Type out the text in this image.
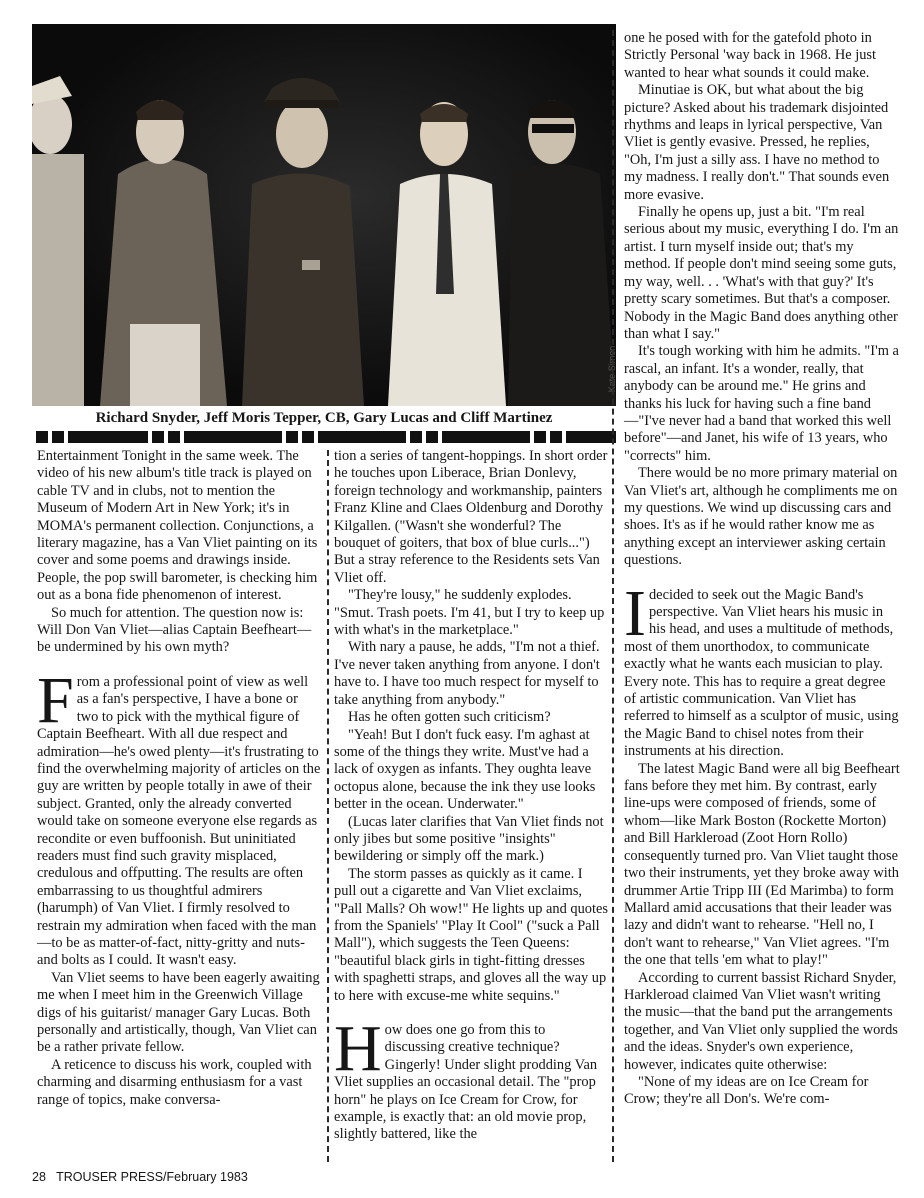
Kate Simon
Richard Snyder, Jeff Moris Tepper, CB, Gary Lucas and Cliff Martinez

Entertainment Tonight in the same week. The video of his new album's title track is played on cable TV and in clubs, not to mention the Museum of Modern Art in New York; it's in MOMA's permanent collection. Conjunctions, a literary magazine, has a Van Vliet painting on its cover and some poems and drawings inside. People, the pop swill barometer, is checking him out as a bona fide phenomenon of interest.

So much for attention. The question now is: Will Don Van Vliet—alias Captain Beefheart—be undermined by his own myth?

From a professional point of view as well as a fan's perspective, I have a bone or two to pick with the mythical figure of Captain Beefheart. With all due respect and admiration—he's owed plenty—it's frustrating to find the overwhelming majority of articles on the guy are written by people totally in awe of their subject. Granted, only the already converted would take on someone everyone else regards as recondite or even buffoonish. But uninitiated readers must find such gravity misplaced, credulous and offputting. The results are often embarrassing to us thoughtful admirers (harumph) of Van Vliet. I firmly resolved to restrain my admiration when faced with the man—to be as matter-of-fact, nitty-gritty and nuts-and bolts as I could. It wasn't easy.

Van Vliet seems to have been eagerly awaiting me when I meet him in the Greenwich Village digs of his guitarist/ manager Gary Lucas. Both personally and artistically, though, Van Vliet can be a rather private fellow.

A reticence to discuss his work, coupled with charming and disarming enthusiasm for a vast range of topics, make conversa-

tion a series of tangent-hoppings. In short order he touches upon Liberace, Brian Donlevy, foreign technology and workmanship, painters Franz Kline and Claes Oldenburg and Dorothy Kilgallen. ("Wasn't she wonderful? The bouquet of goiters, that box of blue curls...") But a stray reference to the Residents sets Van Vliet off.

"They're lousy," he suddenly explodes. "Smut. Trash poets. I'm 41, but I try to keep up with what's in the marketplace."

With nary a pause, he adds, "I'm not a thief. I've never taken anything from anyone. I don't have to. I have too much respect for myself to take anything from anybody."

Has he often gotten such criticism?

"Yeah! But I don't fuck easy. I'm aghast at some of the things they write. Must've had a lack of oxygen as infants. They oughta leave octopus alone, because the ink they use looks better in the ocean. Underwater."

(Lucas later clarifies that Van Vliet finds not only jibes but some positive "insights" bewildering or simply off the mark.)

The storm passes as quickly as it came. I pull out a cigarette and Van Vliet exclaims, "Pall Malls? Oh wow!" He lights up and quotes from the Spaniels' "Play It Cool" ("suck a Pall Mall"), which suggests the Teen Queens: "beautiful black girls in tight-fitting dresses with spaghetti straps, and gloves all the way up to here with excuse-me white sequins."

How does one go from this to discussing creative technique? Gingerly! Under slight prodding Van Vliet supplies an occasional detail. The "prop horn" he plays on Ice Cream for Crow, for example, is exactly that: an old movie prop, slightly battered, like the

one he posed with for the gatefold photo in Strictly Personal 'way back in 1968. He just wanted to hear what sounds it could make.

Minutiae is OK, but what about the big picture? Asked about his trademark disjointed rhythms and leaps in lyrical perspective, Van Vliet is gently evasive. Pressed, he replies, "Oh, I'm just a silly ass. I have no method to my madness. I really don't." That sounds even more evasive.

Finally he opens up, just a bit. "I'm real serious about my music, everything I do. I'm an artist. I turn myself inside out; that's my method. If people don't mind seeing some guts, my way, well. . . 'What's with that guy?' It's pretty scary sometimes. But that's a composer. Nobody in the Magic Band does anything other than what I say."

It's tough working with him he admits. "I'm a rascal, an infant. It's a wonder, really, that anybody can be around me." He grins and thanks his luck for having such a fine band—"I've never had a band that worked this well before"—and Janet, his wife of 13 years, who "corrects" him.

There would be no more primary material on Van Vliet's art, although he compliments me on my questions. We wind up discussing cars and shoes. It's as if he would rather know me as anything except an interviewer asking certain questions.

Idecided to seek out the Magic Band's perspective. Van Vliet hears his music in his head, and uses a multitude of methods, most of them unorthodox, to communicate exactly what he wants each musician to play. Every note. This has to require a great degree of artistic communication. Van Vliet has referred to himself as a sculptor of music, using the Magic Band to chisel notes from their instruments at his direction.

The latest Magic Band were all big Beefheart fans before they met him. By contrast, early line-ups were composed of friends, some of whom—like Mark Boston (Rockette Morton) and Bill Harkleroad (Zoot Horn Rollo) consequently turned pro. Van Vliet taught those two their instruments, yet they broke away with drummer Artie Tripp III (Ed Marimba) to form Mallard amid accusations that their leader was lazy and didn't want to rehearse. "Hell no, I don't want to rehearse," Van Vliet agrees. "I'm the one that tells 'em what to play!"

According to current bassist Richard Snyder, Harkleroad claimed Van Vliet wasn't writing the music—that the band put the arrangements together, and Van Vliet only supplied the words and the ideas. Snyder's own experience, however, indicates quite otherwise:

"None of my ideas are on Ice Cream for Crow; they're all Don's. We're com-

28   TROUSER PRESS/February 1983
